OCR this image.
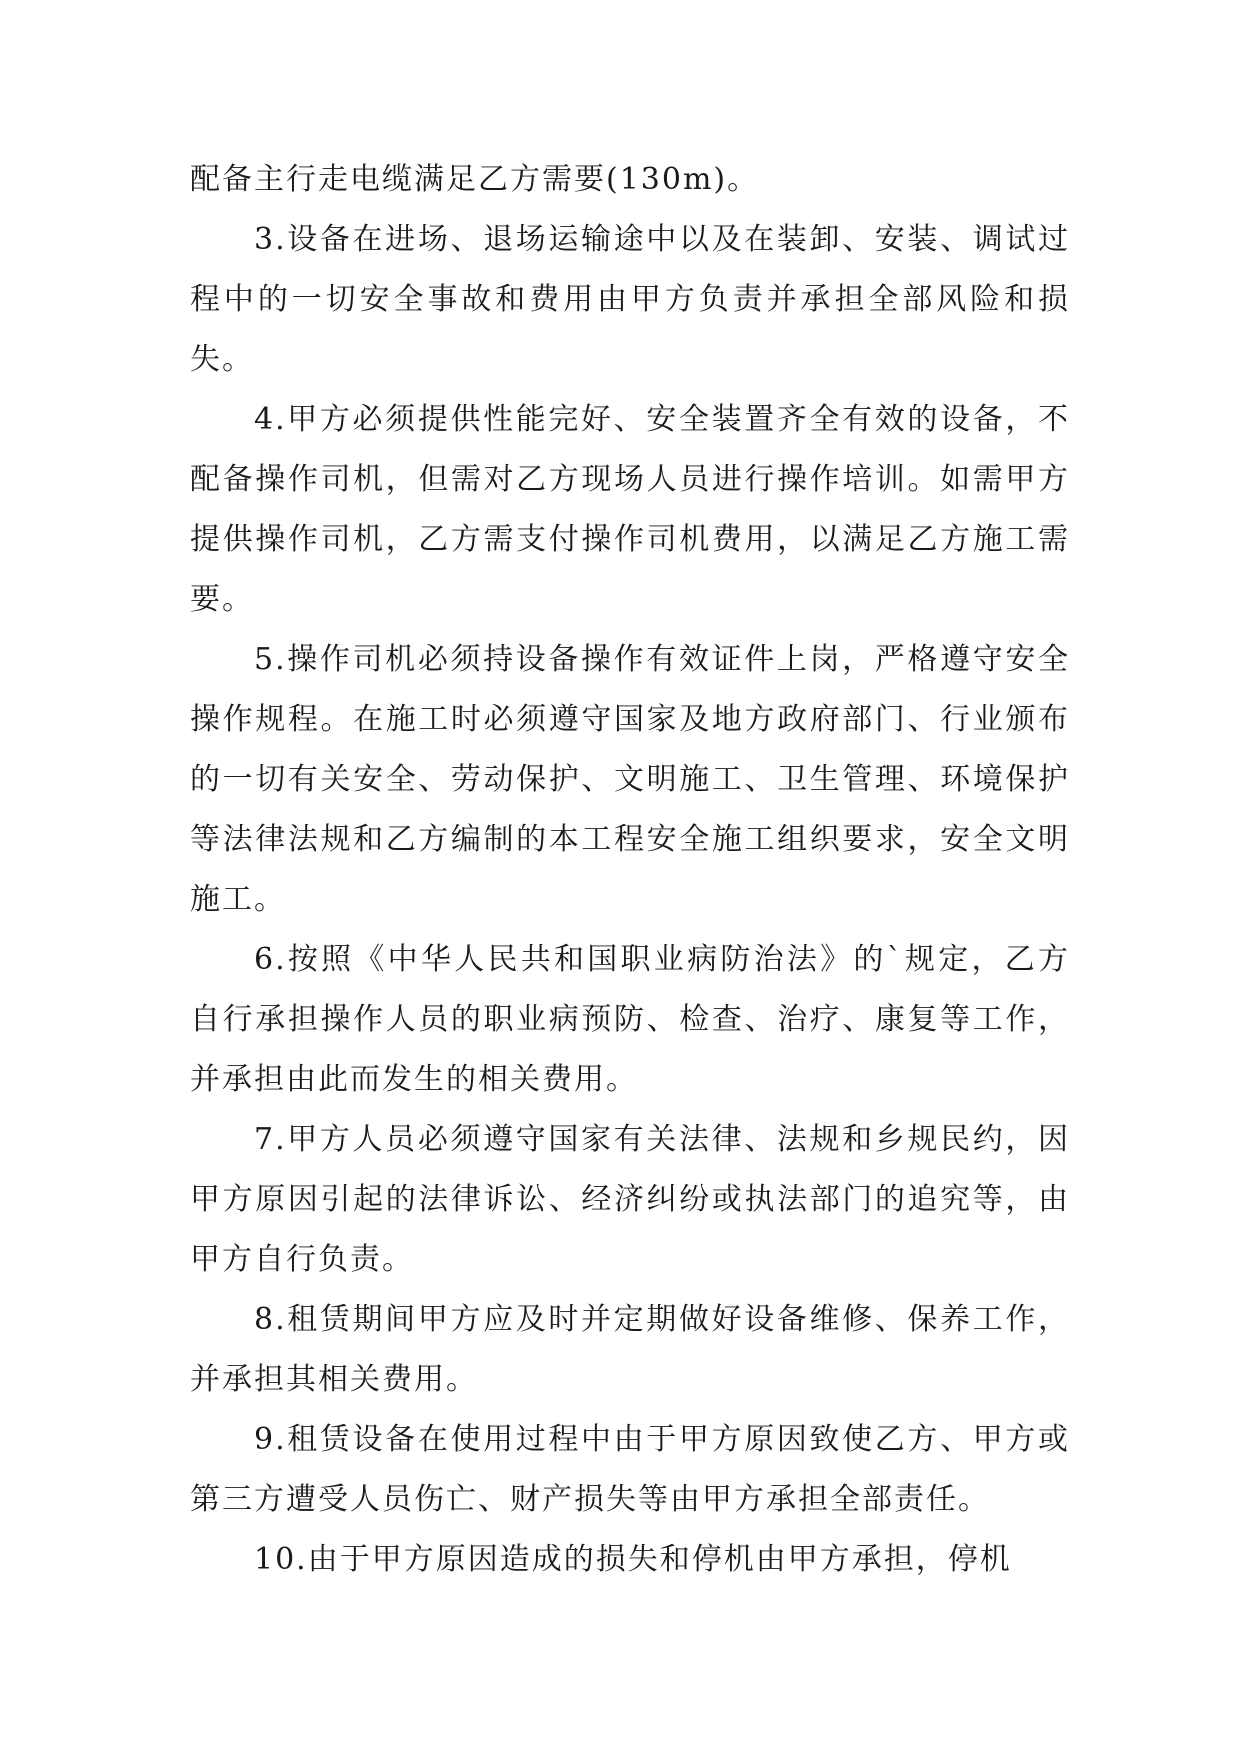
配备主行走电缆满足乙方需要(130m)。

3.设备在进场、退场运输途中以及在装卸、安装、调试过程中的一切安全事故和费用由甲方负责并承担全部风险和损失。

4.甲方必须提供性能完好、安全装置齐全有效的设备，不配备操作司机，但需对乙方现场人员进行操作培训。如需甲方提供操作司机，乙方需支付操作司机费用，以满足乙方施工需要。

5.操作司机必须持设备操作有效证件上岗，严格遵守安全操作规程。在施工时必须遵守国家及地方政府部门、行业颁布的一切有关安全、劳动保护、文明施工、卫生管理、环境保护等法律法规和乙方编制的本工程安全施工组织要求，安全文明施工。

6.按照《中华人民共和国职业病防治法》的`规定，乙方自行承担操作人员的职业病预防、检查、治疗、康复等工作，并承担由此而发生的相关费用。

7.甲方人员必须遵守国家有关法律、法规和乡规民约，因甲方原因引起的法律诉讼、经济纠纷或执法部门的追究等，由甲方自行负责。

8.租赁期间甲方应及时并定期做好设备维修、保养工作，并承担其相关费用。

9.租赁设备在使用过程中由于甲方原因致使乙方、甲方或第三方遭受人员伤亡、财产损失等由甲方承担全部责任。

10.由于甲方原因造成的损失和停机由甲方承担，停机
